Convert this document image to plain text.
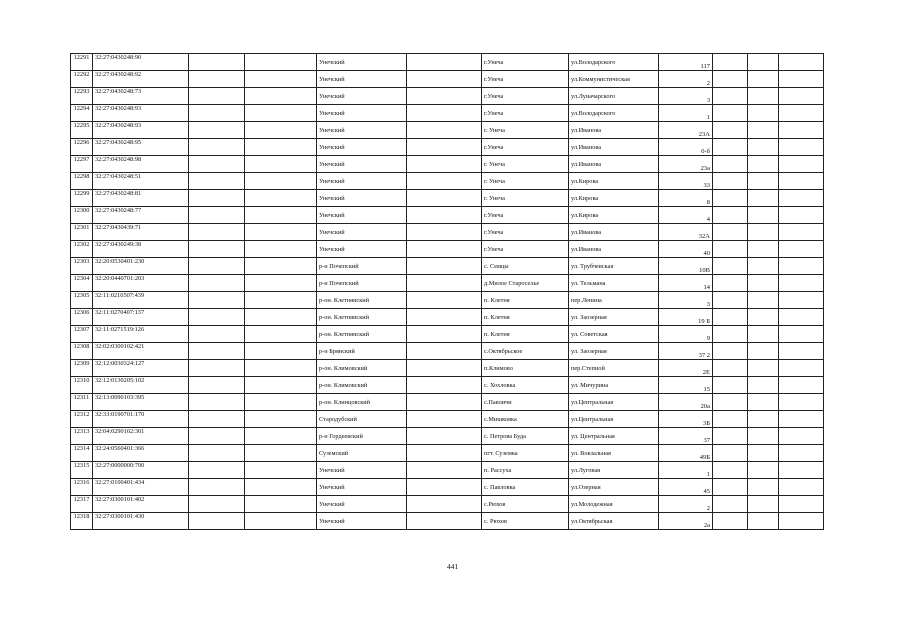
12291	32:27:0430248:90			Унечский		г.Унеча	ул.Володарского	117			
12292	32:27:0430248:92			Унечский		г.Унеча	ул.Коммунистическая	2			
12293	32:27:0430248:73			Унечский		г.Унеча	ул.Луначарского	3			
12294	32:27:0430248:93			Унечский		г.Унеча	ул.Володарского	1			
12295	32:27:0430248:93			Унечский		г. Унеча	ул.Иванова	23А			
12296	32:27:0430248:95			Унечский		г.Унеча	ул.Иванова	0-б			
12297	32:27:0430248:98			Унечский		г. Унеча	ул.Иванова	23а			
12298	32:27:0430248:51			Унечский		г. Унеча	ул.Кирова	33			
12299	32:27:0430248:81			Унечский		г. Унеча	ул.Кирова	8			
12300	32:27:0430248:77			Унечский		г.Унеча	ул.Кирова	4			
12301	32:27:0430439:71			Унечский		г.Унеча	ул.Иванова	32А			
12302	32:27:0430249:38			Унечский		г.Унеча	ул.Иванова	40			
12303	32:20:0530401:230			р-н Почепский		с. Семцы	ул. Трубчевская	10В			
12304	32:20:0440701:203			р-н Почепский		д.Милое Староселье	ул. Тельмана	14			
12305	32:11:0210507:439			р-он. Клетнянский		п. Клетня	пер.Ленина	3			
12306	32:11:0270407:137			р-он. Клетнянский		п. Клетня	ул. Заозерная	19 Б			
12307	32:11:0271519:126			р-он. Клетнянский		п. Клетня	ул. Советская	9			
12308	32:02:0300102:421			р-н Брянский		с.Октябрьское	ул. Заозерная	37 2			
12309	32:12:0030324:127			р-он. Климовский		п.Климово	пер.Степной	2Е			
12310	32:12:0130205:102			р-он. Климовский		с. Хохловка	ул. Мичурина	15			
12311	32:13:0090103:395			р-он. Клинцовский		с.Павличи	ул.Центральная	20а			
12312	32:33:0190701:170			Стародубский		с.Мишковка	ул.Центральная	3Б			
12313	32:04:0290102:301			р-н Гордеевский		с. Петрова Буда	ул. Центральная	37			
12314	32:24:0560401:366			Суземский		пгт. Суземка	ул. Вокзальная	49Б			
12315	32:27:0000000:700			Унечский		п. Рассуха	ул.Луговая	1			
12316	32:27:0100401:434			Унечский		с. Павловка	ул.Озерная	45			
12317	32:27:0300101:402			Унечский		с.Рюхов	ул.Молодежная	2			
12318	32:27:0300101:430			Унечский		с. Рюхов	ул.Октябрьская	2а			
441
